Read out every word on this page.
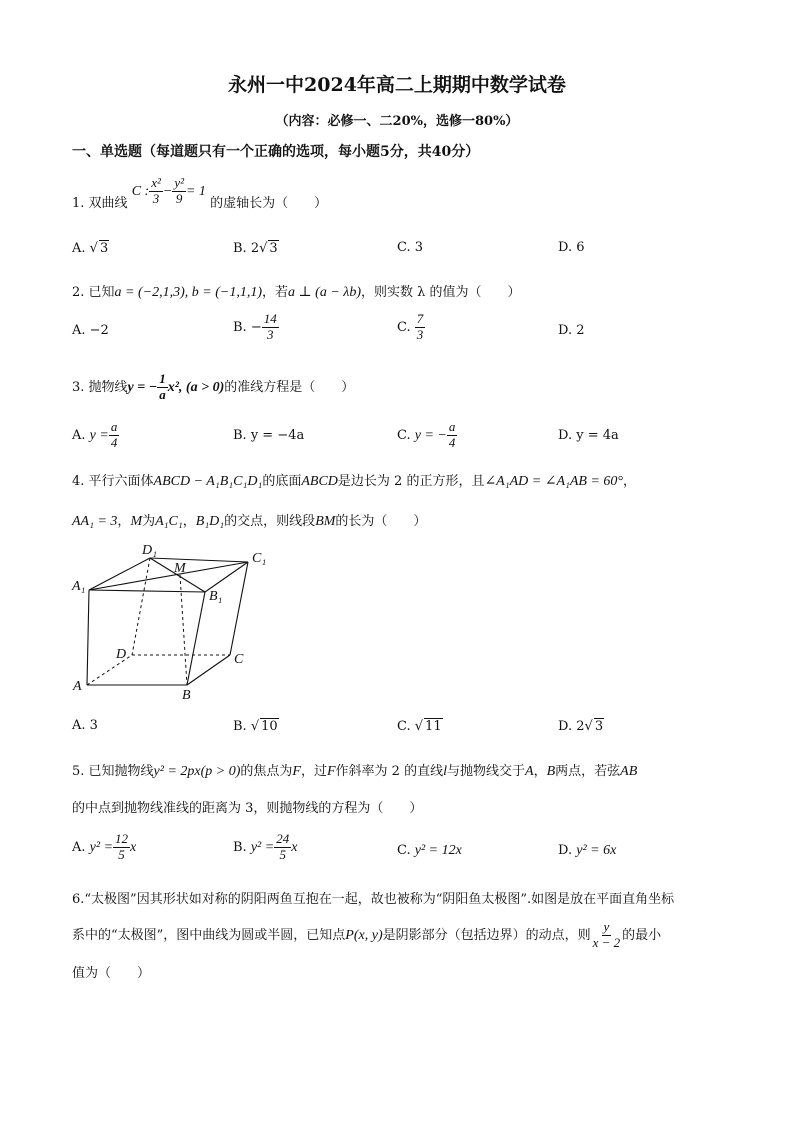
永州一中2024年高二上期期中数学试卷
（内容：必修一、二20%，选修一80%）
一、单选题（每道题只有一个正确的选项，每小题5分，共40分）
1. 双曲线 C : $\frac{\text{x²}}{3} - \frac{\text{y²}}{9} = 1$ 的虚轴长为（　　）
A. √ 3	B. 2√ 3	C. 3	D. 6
2. 已知a = (−2,1,3), b = (−1,1,1)，若a ⊥ (a − λb)，则实数 λ 的值为（　　）
A. −2	B. − $\frac{14}{3}$	C. $\frac{7}{3}$	D. 2
3. 抛物线y = − $\frac{1}{a} x^2$, (a > 0)的准线方程是（　　）
A. $y = \frac{a}{4}$	B. y = −4a	C. y = − $\frac{a}{4}$	D. y = 4a
4. 平行六面体ABCD − A₁B₁C₁D₁的底面ABCD是边长为 2 的正方形，且∠A₁AD = ∠A₁AB = 60°，
AA₁ = 3，M为A₁C₁，B₁D₁的交点，则线段BM的长为（　　）
D₁
M
C₁
A₁
B₁
D	C
A
B
A. 3	B. √ 10	C. √ 11	D. 2√ 3
5. 已知抛物线y² = 2px(p > 0)的焦点为F，过F作斜率为 2 的直线l与抛物线交于A，B两点，若弦AB
的中点到抛物线准线的距离为 3，则抛物线的方程为（　　）
A. $y^2 = \frac{12}{5}$ x	B. $y^2 = \frac{24}{5}$ x	C. y² = 12x	D. y² = 6x
6.“太极图”因其形状如对称的阴阳两鱼互抱在一起，故也被称为“阴阳鱼太极图”.如图是放在平面直角坐标
系中的“太极图”，图中曲线为圆或半圆，已知点P(x, y)是阴影部分（包括边界）的动点，则 $\frac{y}{x - 2}$ 的最小
值为（　　）
